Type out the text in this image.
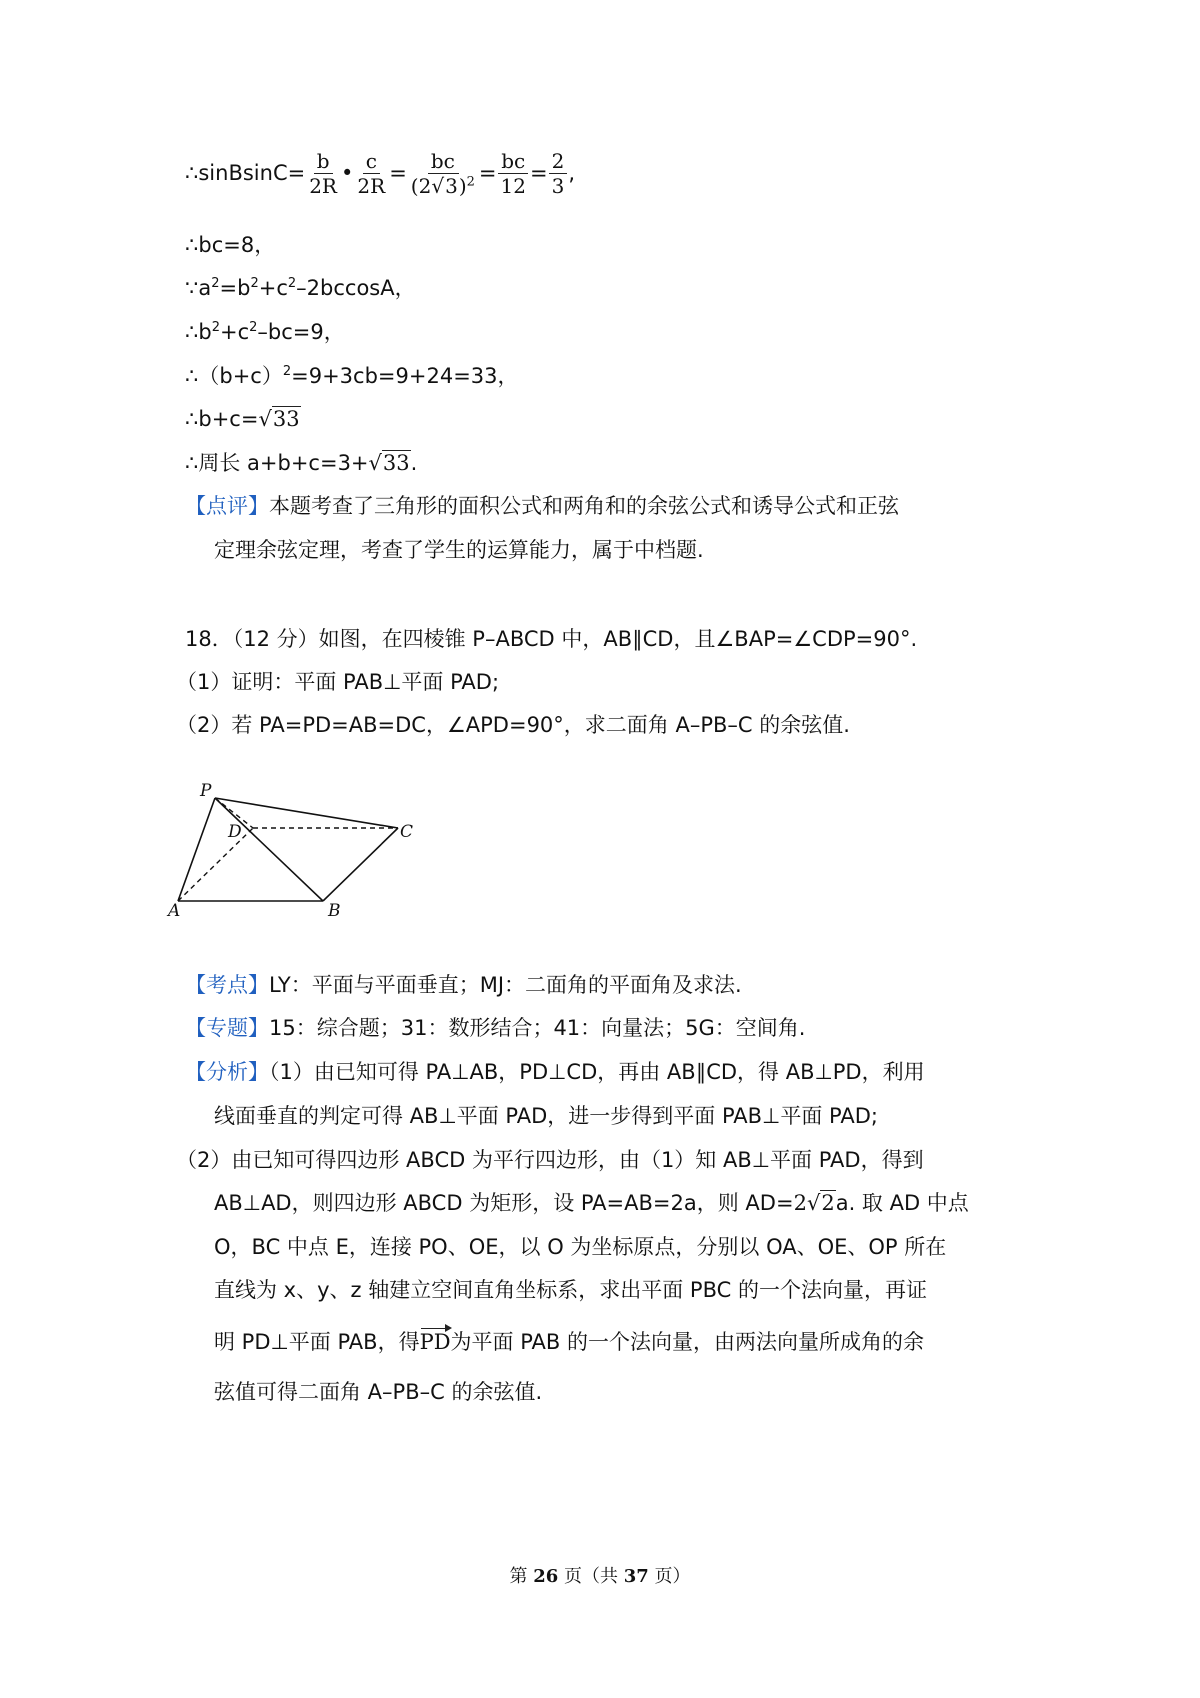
∴sinBsinC= $\frac{b}{2R}$ • $\frac{c}{2R} = \frac{bc}{(2√3)^2} = \frac{bc}{12} = \frac{2}{3}$ ,
∴bc=8，
$\because a^2=b^2+c^2-2bccosA$，
$\therefore b^2+c^2-bc=9$，
$\therefore(b+c)^2=9+3cb=9+24=33$，
∴b+c=√33
∴周长 a+b+c=3+√33.
【点评】本题考查了三角形的面积公式和两角和的余弦公式和诱导公式和正弦
定理余弦定理，考查了学生的运算能力，属于中档题.
18．（12 分）如图，在四棱锥 P–ABCD 中，AB∥CD，且∠BAP=∠CDP=90°.
（1）证明：平面 PAB⊥平面 PAD;
（2）若 PA=PD=AB=DC，∠APD=90°，求二面角 A–PB–C 的余弦值.
P
D	C
A	B
【考点】LY：平面与平面垂直；MJ：二面角的平面角及求法.
【专题】15：综合题；31：数形结合；41：向量法；5G：空间角.
【分析】（1）由已知可得 PA⊥AB，PD⊥CD，再由 AB∥CD，得 AB⊥PD，利用
线面垂直的判定可得 AB⊥平面 PAD，进一步得到平面 PAB⊥平面 PAD;
（2）由已知可得四边形 ABCD 为平行四边形，由（1）知 AB⊥平面 PAD，得到
AB⊥AD，则四边形 ABCD 为矩形，设 PA=AB=2a，则 AD=2√2a. 取 AD 中点
O，BC 中点 E，连接 PO、OE，以 O 为坐标原点，分别以 OA、OE、OP 所在
直线为 x、y、z 轴建立空间直角坐标系，求出平面 PBC 的一个法向量，再证
明 PD⊥平面 PAB，得PD为平面 PAB 的一个法向量，由两法向量所成角的余
弦值可得二面角 A–PB–C 的余弦值.
第 26 页（共 37 页）
